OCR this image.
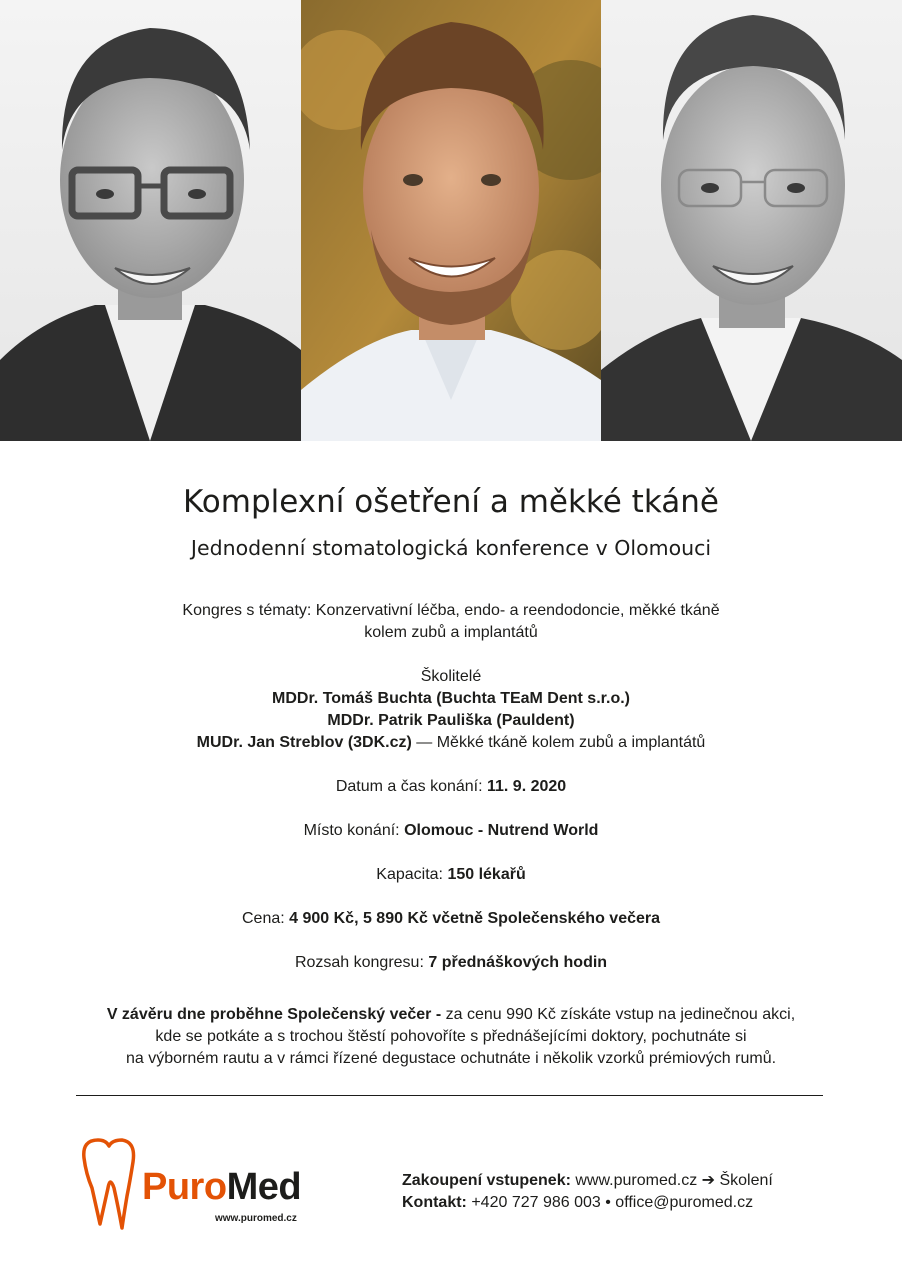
Komplexní ošetření a měkké tkáně
Jednodenní stomatologická konference v Olomouci

Kongres s tématy: Konzervativní léčba, endo- a reendodoncie, měkké tkáně

kolem zubů a implantátů

Školitelé

MDDr. Tomáš Buchta (Buchta TEaM Dent s.r.o.)

MDDr. Patrik Pauliška (Pauldent)

MUDr. Jan Streblov (3DK.cz) — Měkké tkáně kolem zubů a implantátů

Datum a čas konání: 11. 9. 2020

Místo konání: Olomouc - Nutrend World

Kapacita: 150 lékařů

Cena: 4 900 Kč, 5 890 Kč včetně Společenského večera

Rozsah kongresu: 7 přednáškových hodin

V závěru dne proběhne Společenský večer - za cenu 990 Kč získáte vstup na jedinečnou akci,

kde se potkáte a s trochou štěstí pohovoříte s přednášejícími doktory, pochutnáte si

na výborném rautu a v rámci řízené degustace ochutnáte i několik vzorků prémiových rumů.

PuroMed
www.puromed.cz
Zakoupení vstupenek: www.puromed.cz ➔ Školení
Kontakt: +420 727 986 003 • office@puromed.cz
